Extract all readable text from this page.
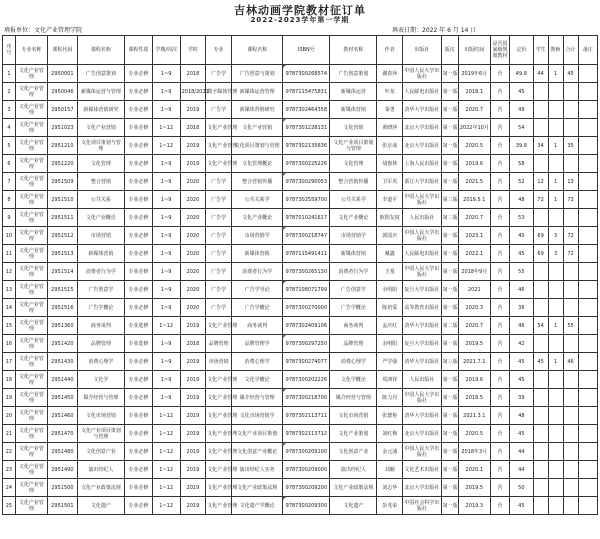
吉林动画学院教材征订单
2022-2023学年第一学期
填报单位：文化产业管理学院	填表日期：2022 年 6 月 14 日
序号	专业名称	课程代码	课程名称	课程性质	学期/周次	学时	专业	课程名称	ISBN号	教材名称	作者	出版社	版次	出版时间	是否国家级规划教材	定价	学生	教师	合计	备注
1	文化产业管理	2950001	广告创意策划	专业必修	1~9	2018	广告学	广告创意与策划	9787300268574	广告创意策划	谢春萍	中国人民大学出版社	第一版	2019年6月	否	49.8	44	1	45	
2	文化产业管理	2950046	新媒体运营与管理	专业必修	1~9	2018/2021	数字媒体管理	新媒体运营管理	9787115475831	新媒体运营	叶龙	人民邮电出版社	第一版	2018.1	否	45				
3	文化产业管理	2950157	新媒体营销研究	专业必修	1~9	2019	广告学	新媒体营销研究	9787302464358	新媒体营销	秦勇	清华大学出版社	第一版	2020.7	否	49				
4	文化产业管理	2951023	文化产业营销	专业必修	1~12	2018	文化产业管理	文化产业营销	9787301228131	文化营销	黄晓萍	北京大学出版社	第一版	2022年10月	否	54				
5	文化产业管理	2951210	文化项目策划与管理	专业必修	1~12	2019	文化产业管理	文化项目策划与管理	9787302135636	文化产业项目策划与管理	张京成	北京大学出版社	第一版	2020.5	否	39.8	34	1	35	
6	文化产业管理	2951220	文化管理	专业必修	1~9	2019	文化产业管理	文化管理概论	9787300225226	文化管理	胡惠林	上海人民出版社	第一版	2019.6	否	58				
7	文化产业管理	2951509	整合营销	专业必修	1~9	2020	广告学	整合营销传播	9787300290053	整合营销传播	卫军英	浙江大学出版社	第一版	2021.5	否	52	12	1	13	
8	文化产业管理	2951510	公共关系	专业必修	1~9	2020	广告学	公共关系学	9787302559700	公共关系学	李道平	中国人民大学出版社	第二版	2019.5.1	否	48	72	1	73	
9	文化产业管理	2951511	文化产业概论	专业必修	1~9	2020	广告学	文化产业概论	9787010241617	文化产业概论	欧阳友权	人民出版社	第二版	2020.7	否	53				
10	文化产业管理	2951512	市场营销	专业必修	1~9	2020	广告学	市场营销学	9787300218747	市场营销学	郭国庆	中国人民大学出版社	第一版	2023.1	否	40	69	3	72	
11	文化产业管理	2951513	新媒体营销	专业必修	1~9	2020	广告学	新媒体营销	9787115491411	新媒体营销	戴鑫	人民邮电出版社	第一版	2022.1	否	45	69	3	72	
12	文化产业管理	2951514	消费者行为学	专业必修	1~9	2020	广告学	消费者行为学	9787300265130	消费者行为学	王曼	中国人民大学出版社	第一版	2018年9月	否	55				
13	文化产业管理	2951515	广告创意学	专业必修	1~9	2020	广告学	广告学导论	9787108071799	广告创意学	余明阳	复旦大学出版社	第一版	2021	否	46				
14	文化产业管理	2951516	广告学概论	专业必修	1~9	2020	广告学	广告学概论	9787300270000	广告学概论	陈培爱	高等教育出版社	第一版	2020.3	否	36				
15	文化产业管理	2951360	商务谈判	专业选修	1~12	2019	文化产业管理	商务谈判	9787302409106	商务谈判	孟庆红	清华大学出版社	第二版	2020.7	否	46	54	1	55	
16	文化产业管理	2951420	品牌管理	专业选修	1~9	2018	品牌管理	品牌管理学	9787300297250	品牌管理	余明阳	复旦大学出版社	第一版	2019.5	否	42				
17	文化产业管理	2951430	消费心理学	专业必修	1~9	2019	市场营销	消费心理学	9787300274077	消费心理学	严学强	清华大学出版社	第三版	2021.7.1	否	45	45	1	46	
18	文化产业管理	2951440	文化学	专业必修	1~9	2019	文化产业管理	文化学概论	9787300202226	文化学概论	周鸿铎	人民出版社	第一版	2019.6	否	45				
19	文化产业管理	2951450	媒介经营与管理	专业必修	1~9	2019	文化产业管理	媒介经营与管理	9787300218700	媒介经营与管理	陈力丹	中国人民大学出版社	第一版	2018.5	否	39				
20	文化产业管理	2951460	文化市场营销	专业必修	1~12	2019	文化产业管理	文化市场营销学	9787302113711	文化市场营销	张德艳	清华大学出版社	第一版	2021.3.1	否	48				
21	文化产业管理	2951470	文化产业项目策划与管理	专业必修	1~12	2019	文化产业管理	文化产业项目策划	9787302113712	文化产业策划	刘红梅	北京大学出版社	第一版	2020.5	否	45				
22	文化产业管理	2951480	文化创意产业	专业必修	1~12	2019	文化产业管理	文化创意产业概论	9787300209100	文化创意产业	金元浦	中国人民大学出版社	第一版	2018年3月	否	44				
23	文化产业管理	2951490	演出经纪人	专业必修	1~12	2019	文化产业管理	演出经纪人实务	9787300209000	演出经纪人	刘颖	文化艺术出版社	第一版	2020.1	否	44				
24	文化产业管理	2951500	文化产业政策法规	专业必修	1~12	2019	文化产业管理	文化产业政策法规	9787300209200	文化产业政策法规	刘志华	北京大学出版社	第一版	2019.5	否	50				
25	文化产业管理	2951501	文化遗产	专业必修	1~12	2019	文化产业管理	文化遗产学概论	9787300209300	文化遗产	彭兆荣	中国社会科学出版社	第一版	2019.3	否	45				
